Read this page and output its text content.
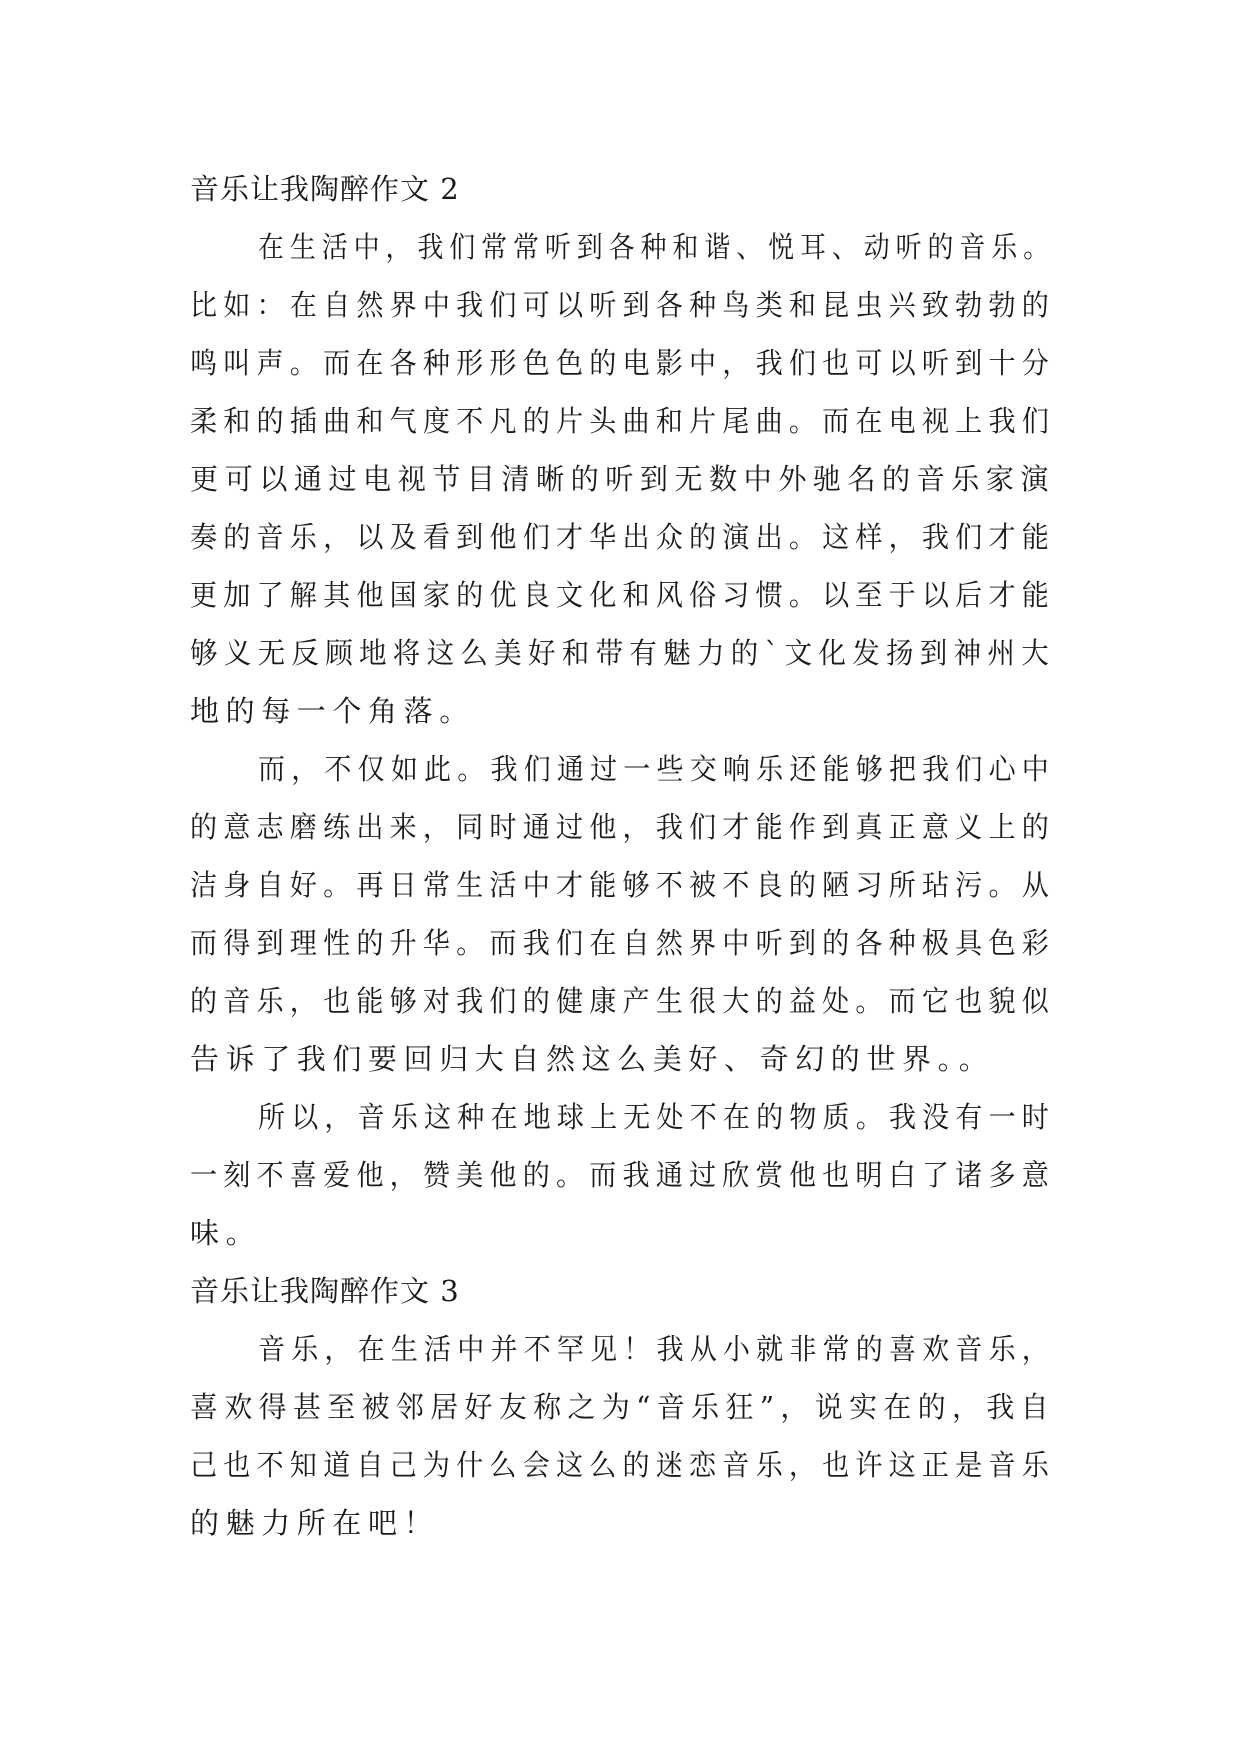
音乐让我陶醉作文 2
在生活中，我们常常听到各种和谐、悦耳、动听的音乐。
比如：在自然界中我们可以听到各种鸟类和昆虫兴致勃勃的
鸣叫声。而在各种形形色色的电影中，我们也可以听到十分
柔和的插曲和气度不凡的片头曲和片尾曲。而在电视上我们
更可以通过电视节目清晰的听到无数中外驰名的音乐家演
奏的音乐，以及看到他们才华出众的演出。这样，我们才能
更加了解其他国家的优良文化和风俗习惯。以至于以后才能
够义无反顾地将这么美好和带有魅力的`文化发扬到神州大
地的每一个角落。
而，不仅如此。我们通过一些交响乐还能够把我们心中
的意志磨练出来，同时通过他，我们才能作到真正意义上的
洁身自好。再日常生活中才能够不被不良的陋习所玷污。从
而得到理性的升华。而我们在自然界中听到的各种极具色彩
的音乐，也能够对我们的健康产生很大的益处。而它也貌似
告诉了我们要回归大自然这么美好、奇幻的世界。。
所以，音乐这种在地球上无处不在的物质。我没有一时
一刻不喜爱他，赞美他的。而我通过欣赏他也明白了诸多意
味。
音乐让我陶醉作文 3
音乐，在生活中并不罕见！我从小就非常的喜欢音乐，
喜欢得甚至被邻居好友称之为“音乐狂”，说实在的，我自
己也不知道自己为什么会这么的迷恋音乐，也许这正是音乐
的魅力所在吧！
